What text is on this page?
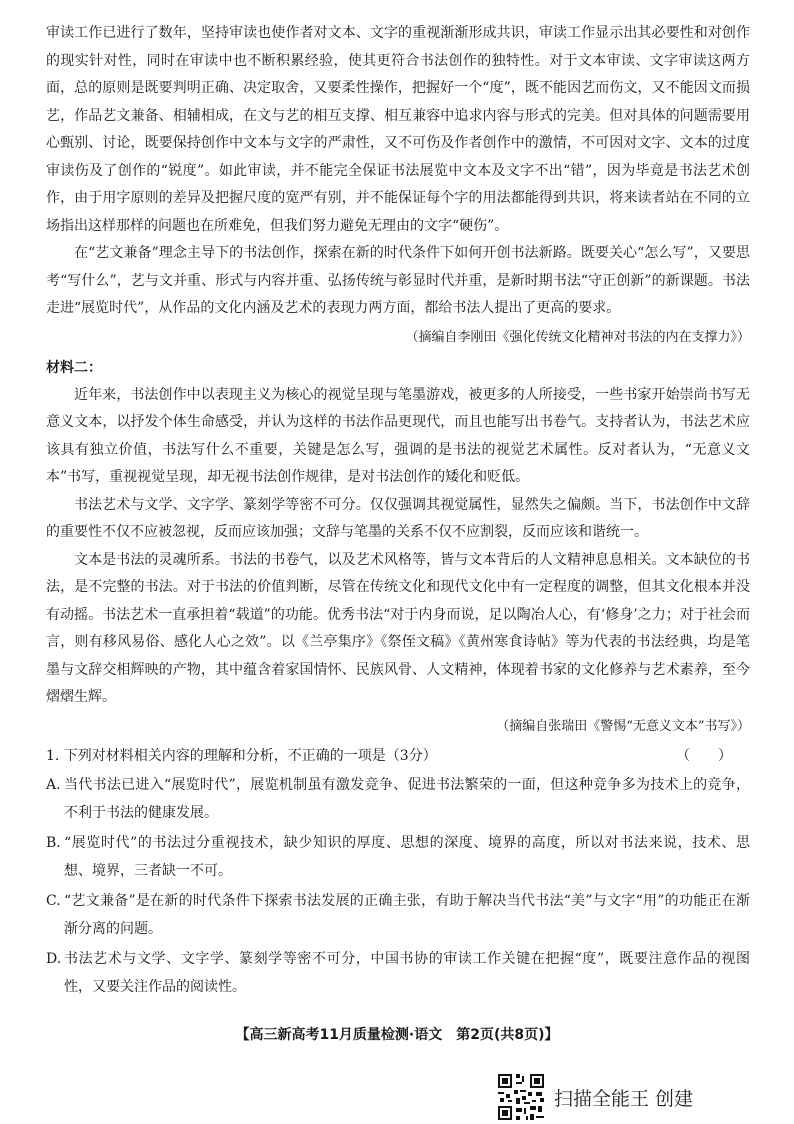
审读工作已进行了数年，坚持审读也使作者对文本、文字的重视渐渐形成共识，审读工作显示出其必要性和对创作的现实针对性，同时在审读中也不断积累经验，使其更符合书法创作的独特性。对于文本审读、文字审读这两方面，总的原则是既要判明正确、决定取舍，又要柔性操作，把握好一个“度”，既不能因艺而伤文，又不能因文而损艺，作品艺文兼备、相辅相成，在文与艺的相互支撑、相互兼容中追求内容与形式的完美。但对具体的问题需要用心甄别、讨论，既要保持创作中文本与文字的严肃性，又不可伤及作者创作中的激情，不可因对文字、文本的过度审读伤及了创作的“锐度”。如此审读，并不能完全保证书法展览中文本及文字不出“错”，因为毕竟是书法艺术创作，由于用字原则的差异及把握尺度的宽严有别，并不能保证每个字的用法都能得到共识，将来读者站在不同的立场指出这样那样的问题也在所难免，但我们努力避免无理由的文字“硬伤”。

在“艺文兼备”理念主导下的书法创作，探索在新的时代条件下如何开创书法新路。既要关心“怎么写”，又要思考“写什么”，艺与文并重、形式与内容并重、弘扬传统与彰显时代并重，是新时期书法“守正创新”的新课题。书法走进“展览时代”，从作品的文化内涵及艺术的表现力两方面，都给书法人提出了更高的要求。

（摘编自李刚田《强化传统文化精神对书法的内在支撑力》）

材料二：

近年来，书法创作中以表现主义为核心的视觉呈现与笔墨游戏，被更多的人所接受，一些书家开始崇尚书写无意义文本，以抒发个体生命感受，并认为这样的书法作品更现代，而且也能写出书卷气。支持者认为，书法艺术应该具有独立价值，书法写什么不重要，关键是怎么写，强调的是书法的视觉艺术属性。反对者认为，“无意义文本”书写，重视视觉呈现，却无视书法创作规律，是对书法创作的矮化和贬低。

书法艺术与文学、文字学、篆刻学等密不可分。仅仅强调其视觉属性，显然失之偏颇。当下，书法创作中文辞的重要性不仅不应被忽视，反而应该加强；文辞与笔墨的关系不仅不应割裂，反而应该和谐统一。

文本是书法的灵魂所系。书法的书卷气，以及艺术风格等，皆与文本背后的人文精神息息相关。文本缺位的书法，是不完整的书法。对于书法的价值判断，尽管在传统文化和现代文化中有一定程度的调整，但其文化根本并没有动摇。书法艺术一直承担着“载道”的功能。优秀书法“对于内身而说，足以陶冶人心，有‘修身’之力；对于社会而言，则有移风易俗、感化人心之效”。以《兰亭集序》《祭侄文稿》《黄州寒食诗帖》等为代表的书法经典，均是笔墨与文辞交相辉映的产物，其中蕴含着家国情怀、民族风骨、人文精神，体现着书家的文化修养与艺术素养，至今熠熠生辉。

（摘编自张瑞田《警惕“无意义文本”书写》）

1. 下列对材料相关内容的理解和分析，不正确的一项是（3分）	（　　）
A. 当代书法已进入“展览时代”，展览机制虽有激发竞争、促进书法繁荣的一面，但这种竞争多为技术上的竞争，不利于书法的健康发展。
B. “展览时代”的书法过分重视技术，缺少知识的厚度、思想的深度、境界的高度，所以对书法来说，技术、思想、境界，三者缺一不可。
C. “艺文兼备”是在新的时代条件下探索书法发展的正确主张，有助于解决当代书法“美”与文字“用”的功能正在渐渐分离的问题。
D. 书法艺术与文学、文字学、篆刻学等密不可分，中国书协的审读工作关键在把握“度”，既要注意作品的视图性，又要关注作品的阅读性。
【高三新高考11月质量检测·语文　第2页(共8页)】
扫描全能王 创建
